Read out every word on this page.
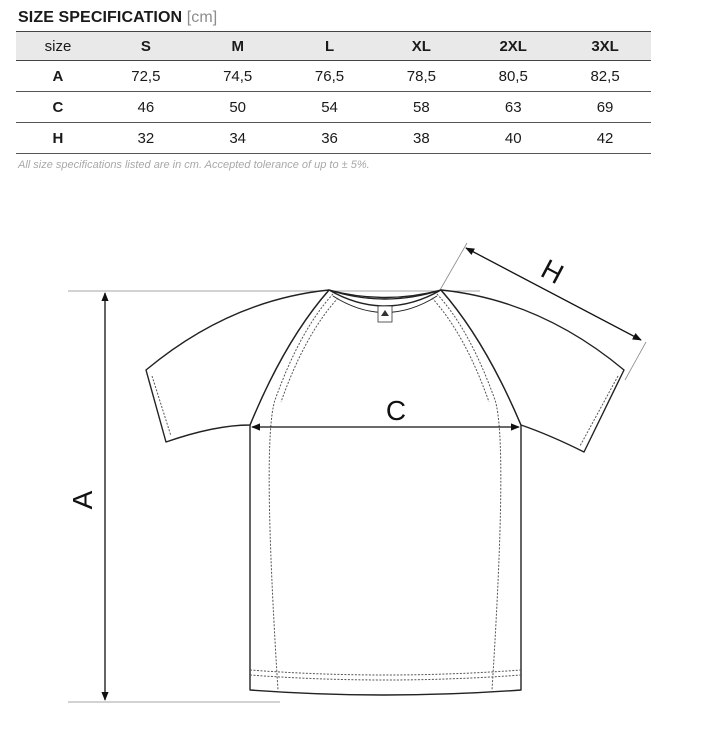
SIZE SPECIFICATION [cm]
size	S	M	L	XL	2XL	3XL
A	72,5	74,5	76,5	78,5	80,5	82,5
C	46	50	54	58	63	69
H	32	34	36	38	40	42
All size specifications listed are in cm. Accepted tolerance of up to ± 5%.
A
C
H
